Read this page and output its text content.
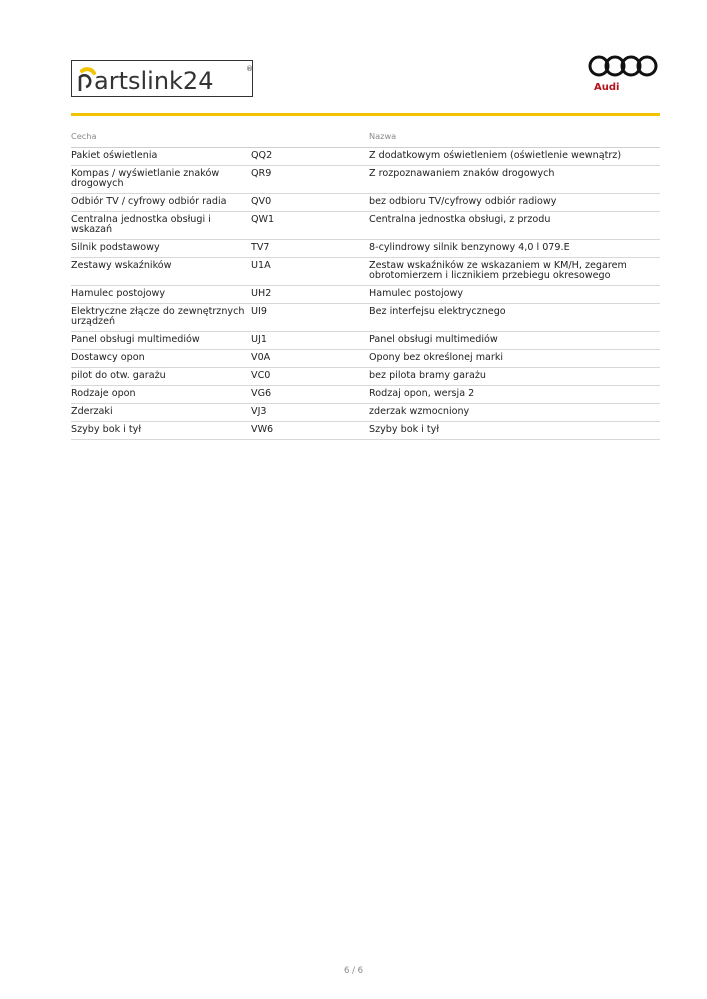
artslink24	®
Audi
Cecha		Nazwa
Pakiet oświetlenia	QQ2	Z dodatkowym oświetleniem (oświetlenie wewnątrz)
Kompas / wyświetlanie znaków drogowych	QR9	Z rozpoznawaniem znaków drogowych
Odbiór TV / cyfrowy odbiór radia	QV0	bez odbioru TV/cyfrowy odbiór radiowy
Centralna jednostka obsługi i wskazań	QW1	Centralna jednostka obsługi, z przodu
Silnik podstawowy	TV7	8-cylindrowy silnik benzynowy 4,0 l 079.E
Zestawy wskaźników	U1A	Zestaw wskaźników ze wskazaniem w KM/H, zegarem obrotomierzem i licznikiem przebiegu okresowego
Hamulec postojowy	UH2	Hamulec postojowy
Elektryczne złącze do zewnętrznych urządzeń	UI9	Bez interfejsu elektrycznego
Panel obsługi multimediów	UJ1	Panel obsługi multimediów
Dostawcy opon	V0A	Opony bez określonej marki
pilot do otw. garażu	VC0	bez pilota bramy garażu
Rodzaje opon	VG6	Rodzaj opon, wersja 2
Zderzaki	VJ3	zderzak wzmocniony
Szyby bok i tył	VW6	Szyby bok i tył
6 / 6
